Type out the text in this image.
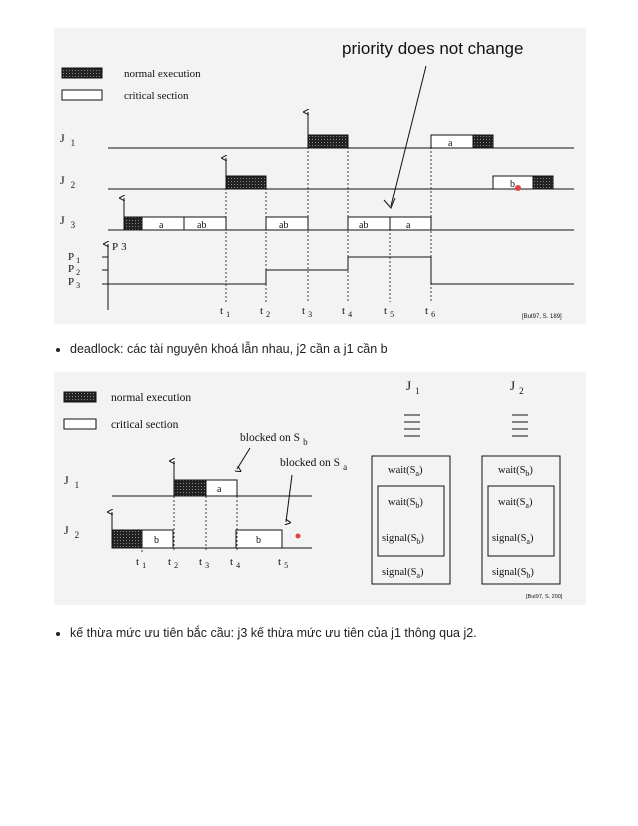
priority does not change
normal execution
critical section
J $_1$
J $_2$
J $_3$
a
b
a	ab	ab	ab	a
P 3
P $_1$
P $_2$
P $_3$
t $_1$	t $_2$	t $_3$	t $_4$	t $_5$	t $_6$	[But97, S. 189]
deadlock: các tài nguyên khoá lẫn nhau, j2 cần a j1 cần b
normal execution
critical section
blocked on S $_b$
blocked on S $_a$
J $_1$
J $_2$
a
b	b
t $_1$ t $_2$ t $_3$ t $_4$	t $_5$
J $_1$
$wait(S_a)$
$wait(S_b)$
$signal(S_b)$
$signal(S_a)$
J $_2$
$wait(S_b)$
$wait(S_a)$
$signal(S_a)$
$signal(S_b)$
[But97, S. 200]
kế thừa mức ưu tiên bắc cầu: j3 kế thừa mức ưu tiên của j1 thông qua j2.
